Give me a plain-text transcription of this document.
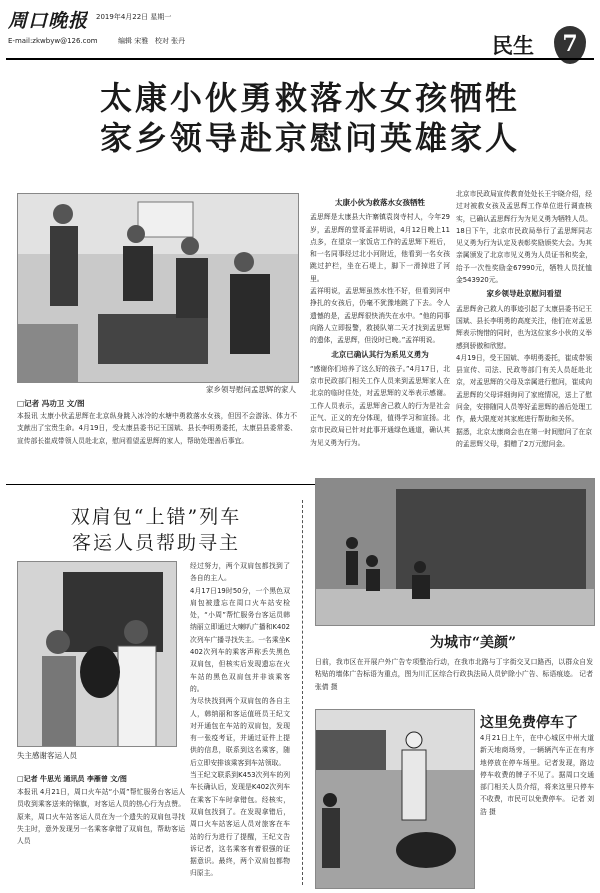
周口晚报 2019年4月22日 星期一
E-mail:zkwbyw@126.com	编辑 宋雅 校对 张丹	民生	7
太康小伙勇救落水女孩牺牲
家乡领导赴京慰问英雄家人
家乡领导慰问孟思辉的家人
□记者 冯功卫 文/图
本报讯 太康小伙孟思辉在北京纵身跳入冰冷的水塘中勇救落水女孩，但因不会游泳、体力不支献出了宝贵生命。4月19日，受太康县委书记王国斌、县长李明勇委托，太康县县委常委、宣传部长崔成带领人员赴北京，慰问看望孟思辉的家人，帮助处理善后事宜。
太康小伙为救落水女孩牺牲
孟思辉是太康县大许寨镇袁岗寺村人，今年29岁，孟思辉的堂哥孟祥明说，4月12日晚上11点多，在望京一家饭店工作的孟思辉下班后，和一名同事经过北小河附近，他看到一名女孩跳过护栏，坐在石堤上，脚下一滑掉进了河里。
孟祥明说，孟思辉虽然水性不好，但看到河中挣扎的女孩后，仍毫不犹豫地跳了下去。令人遗憾的是，孟思辉很快消失在水中。“他的同事向路人立即报警，救援队第二天才找到孟思辉的遗体，孟思辉，但没时已晚。”孟祥明说。
北京已确认其行为系见义勇为
“感谢你们培养了这么好的孩子。”4月17日，北京市民政部门相关工作人员来到孟思辉家人在北京的临时住处，对孟思辉的义举表示感谢。工作人员表示，孟思辉舍己救人的行为是社会正气、正义的充分体现，值得学习和宣扬。北京市民政局已针对此事开通绿色通道，确认其为见义勇为行为。
北京市民政局宣传教育处处长王宇晓介绍，经过对被救女孩及孟思辉工作单位进行调查核实，已确认孟思辉行为为见义勇为牺牲人员。18日下午，北京市民政局举行了孟思辉同志见义勇为行为认定及表彰奖励颁奖大会。为其亲属颁发了北京市见义勇为人员证书和奖金，给予一次性奖励金67990元，牺牲人员抚恤金543920元。
家乡领导赴京慰问看望
孟思辉舍己救人的事迹引起了太康县委书记王国斌、县长李明勇的高度关注，他们在对孟思辉表示惋惜的同时，也为这位家乡小伙的义举感到骄傲和欣慰。
4月19日，受王国斌、李明勇委托，崔成带领县宣传、司法、民政等部门有关人员赶赴北京，对孟思辉的父母及亲属进行慰问，崔成向孟思辉的父母详细询问了家庭情况，送上了慰问金，安排随同人员等好孟思辉的善后处理工作，最大限度对其家庭进行帮助和关怀。
据悉，北京太康商会也在第一时间慰问了在京的孟思辉父母，捐赠了2万元慰问金。
双肩包“上错”列车
客运人员帮助寻主
失主感谢客运人员
经过努力，两个双肩包都找到了各自的主人。
4月17日19时50分，一个黑色双肩包被遗忘在周口火车站安检处，“小周”帮忙服务台客运员韩纳丽立即通过大喇叭广播和K402次列车广播寻找失主。一名乘坐K402次列车的乘客声称丢失黑色双肩包，但核实后发现遗忘在火车站的黑色双肩包并非该乘客的。
为尽快找到两个双肩包的各自主人，韩纳丽和客运值班员王纪文对开通包在车站的双肩包，发现有一张疫考证，并通过证件上提供的信息，联系到这名乘客，随后立即安排该乘客到车站领取。
当王纪文联系到K453次列车的列车长确认后，发现是K402次列车在乘客下车时拿错包。经核实，双肩包找到了。在发现拿错后，周口火车站客运人员对旅客在车站的行为进行了提醒，王纪文告诉记者，这名乘客有着很强的证据意识。最终，两个双肩包都物归原主。
□记者 牛思光 通讯员 李雁曾 文/图
本报讯 4月21日，周口火车站“小周”帮忙服务台客运人员收到乘客送来的锦旗，对客运人员的热心行为点赞。原来，周口火车站客运人员在为一个遗失的双肩包寻找失主时，意外发现另一名乘客拿错了双肩包，帮助客运人员
为城市“美颜”
日前，我市区在开展户外广告专项整治行动，在我市北路与丁字街交叉口路西，以群众自发粘贴的墙体广告标语为重点，图为川汇区综合行政执法局人员铲除小广告、标语痕迹。 记者 张倩 摄
这里免费停车了
4月21日上午，在中心城区中州大道新天地商场旁，一辆辆汽车正在有序地停放在停车场里。记者发现，路边停车收费的牌子不见了。据周口交通部门相关人员介绍，将来这里只停车不收费，市民可以免费停车。 记者 刘浩 摄
